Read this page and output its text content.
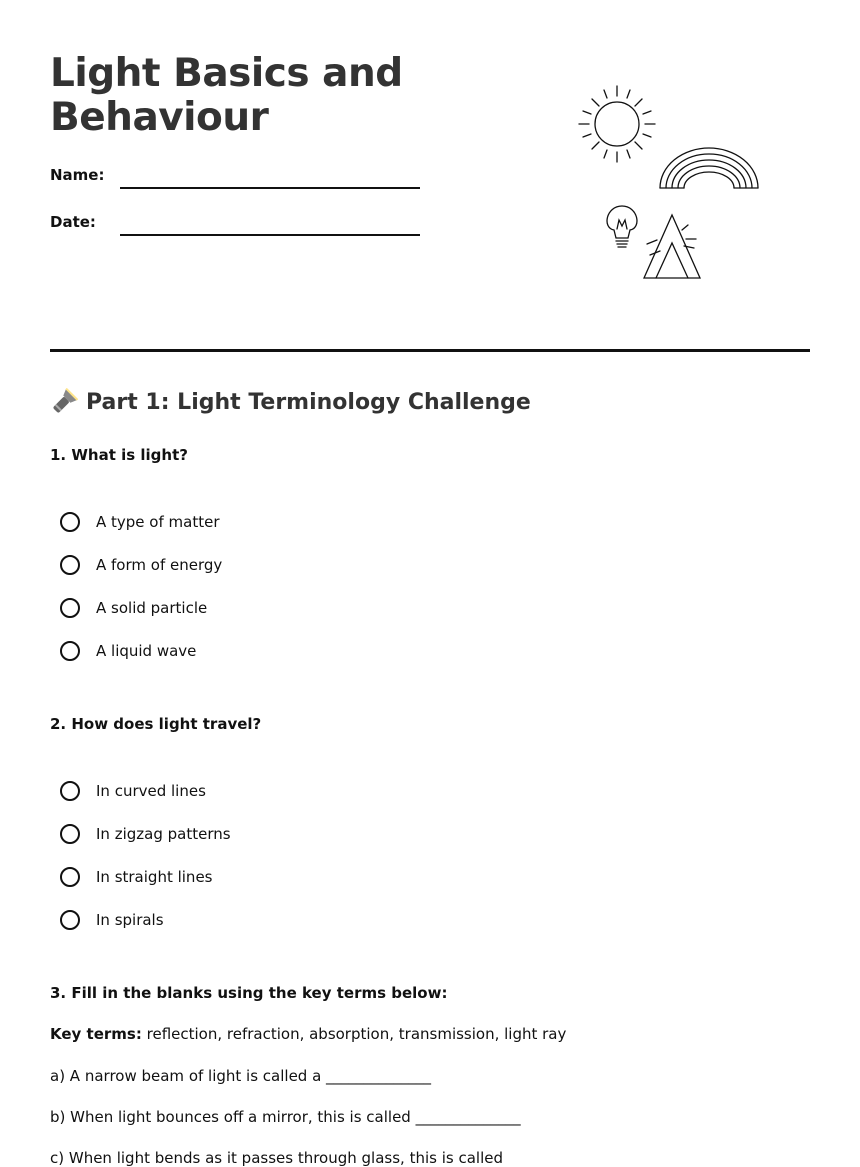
Light Basics and
Behaviour
Name:
Date:
Part 1: Light Terminology Challenge
1. What is light?
A type of matter
A form of energy
A solid particle
A liquid wave
2. How does light travel?
In curved lines
In zigzag patterns
In straight lines
In spirals
3. Fill in the blanks using the key terms below:
Key terms: reflection, refraction, absorption, transmission, light ray
a) A narrow beam of light is called a ______________
b) When light bounces off a mirror, this is called ______________
c) When light bends as it passes through glass, this is called
